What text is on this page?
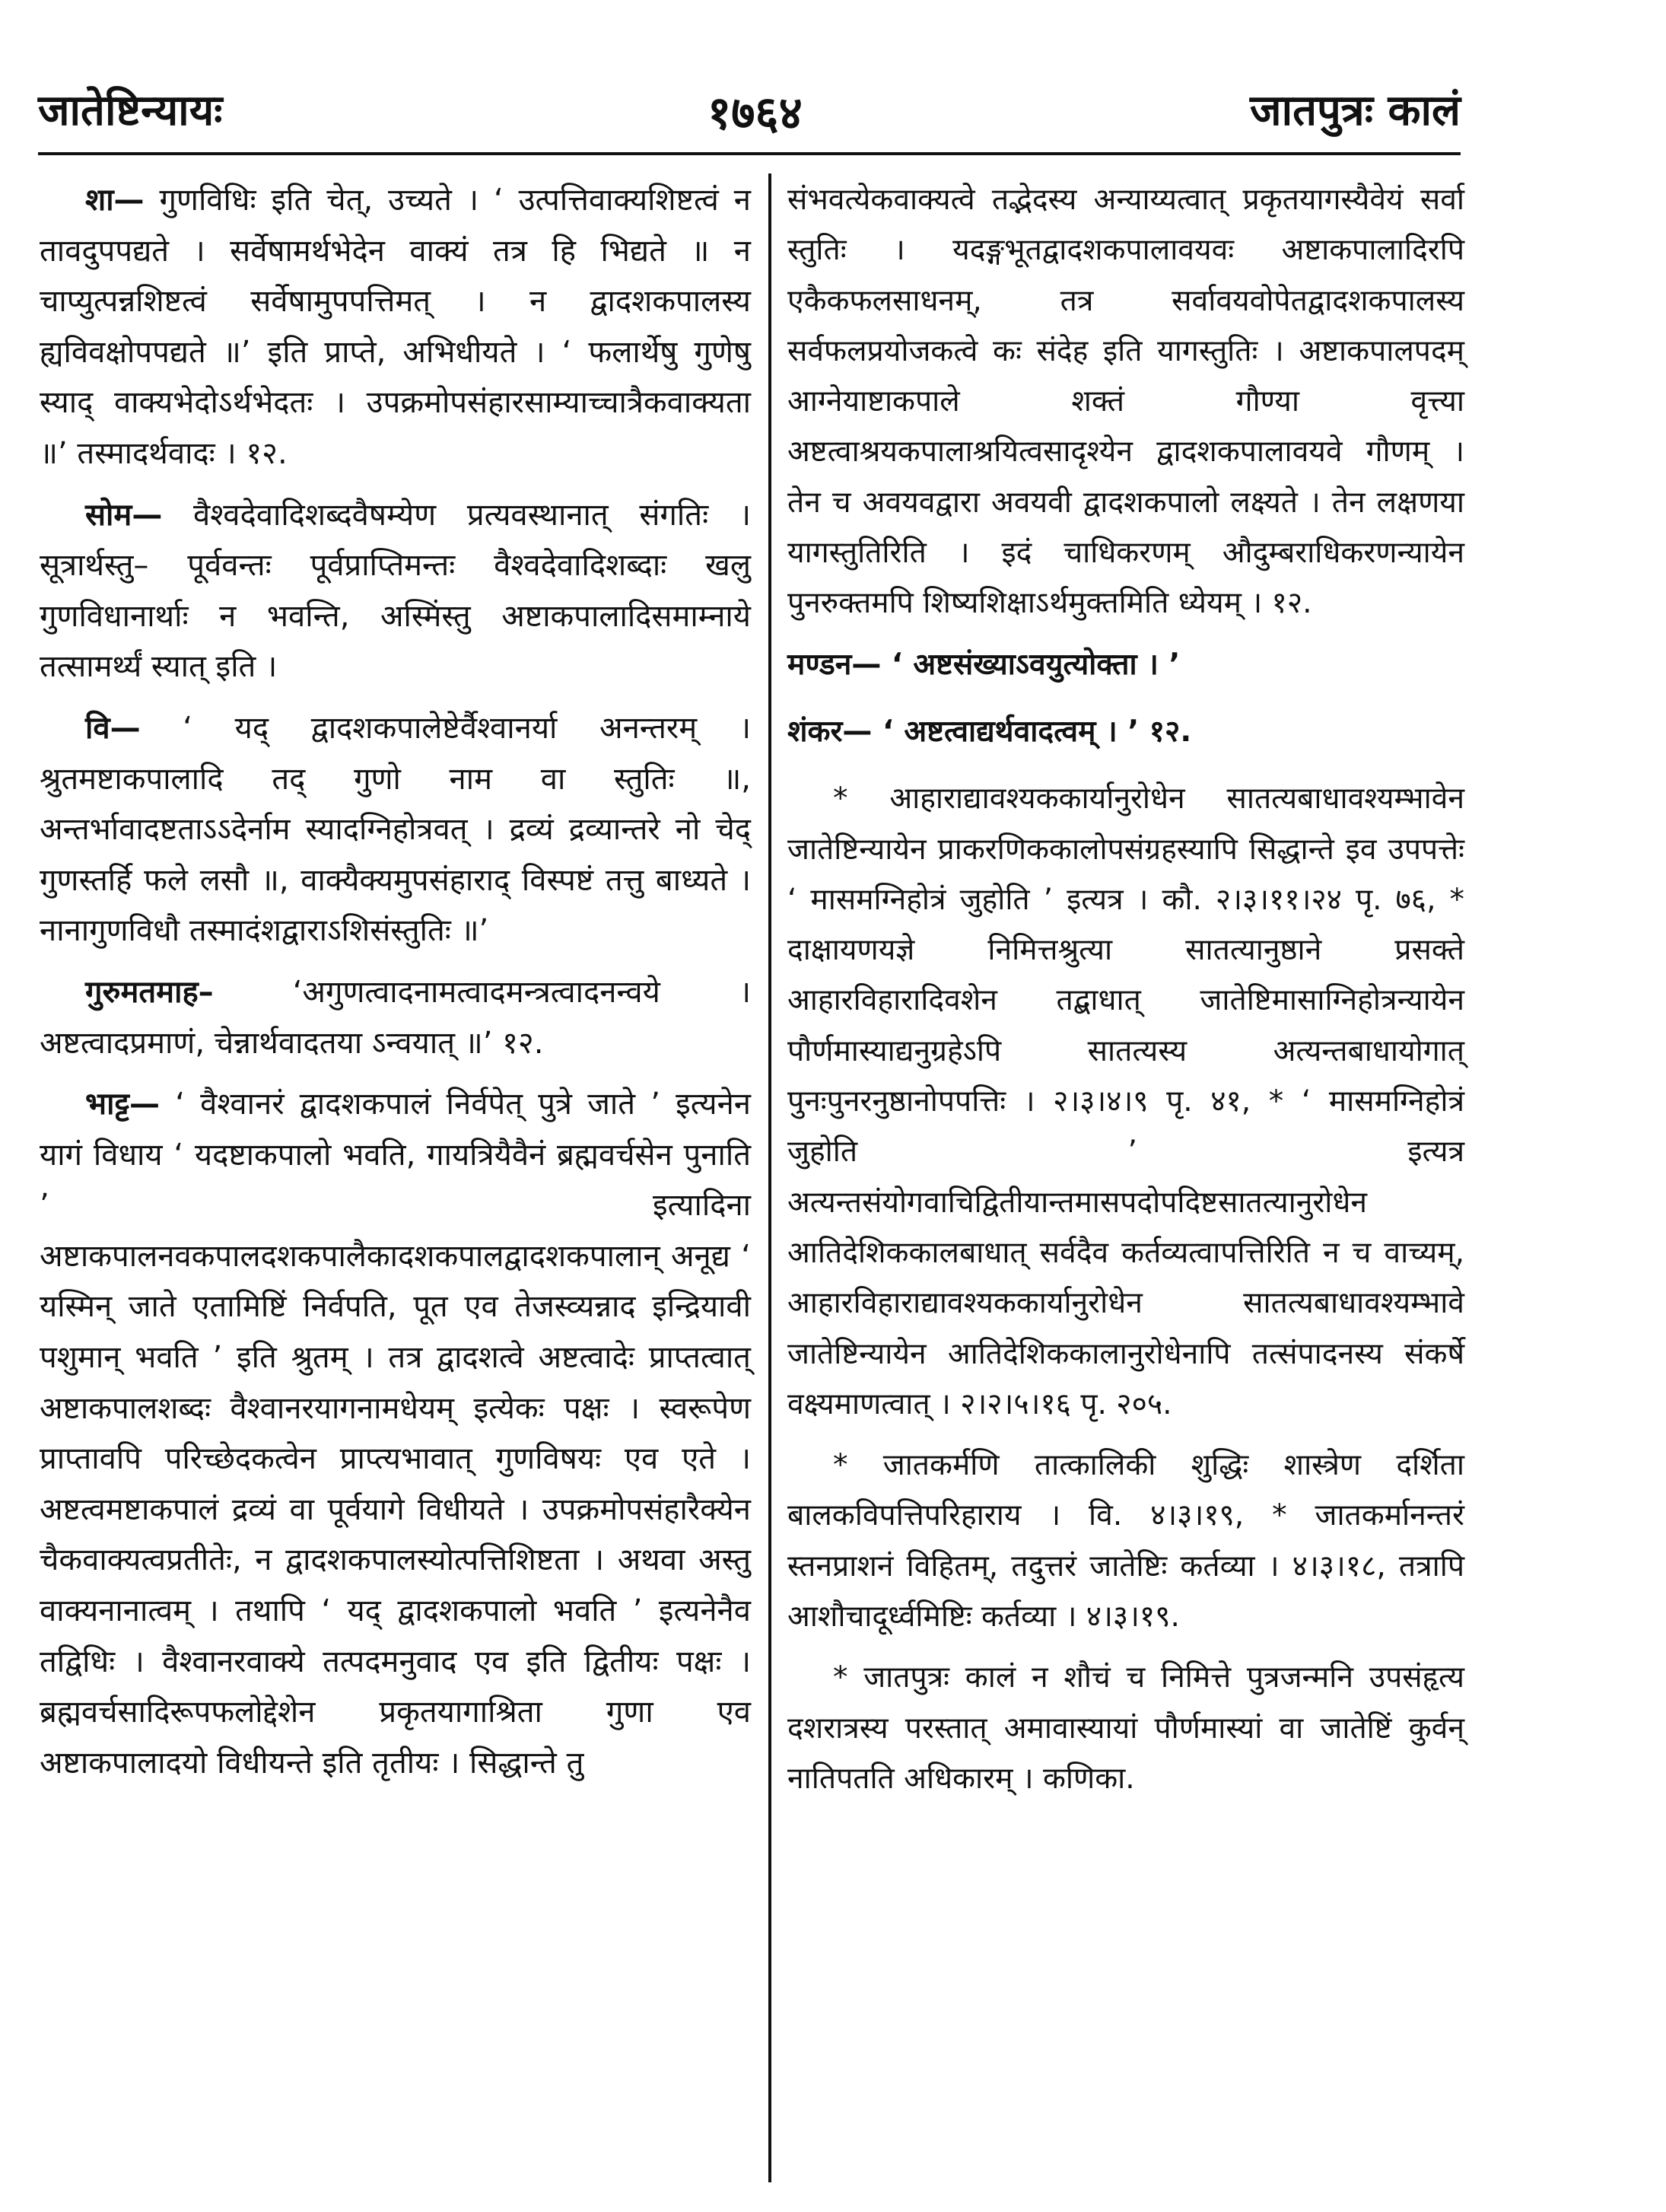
जातेष्टिन्यायः	१७६४	जातपुत्रः कालं

शा— गुणविधिः इति चेत्, उच्यते । ‘ उत्पत्तिवाक्यशिष्टत्वं न तावदुपपद्यते । सर्वेषामर्थभेदेन वाक्यं तत्र हि भिद्यते ॥ न चाप्युत्पन्नशिष्टत्वं सर्वेषामुपपत्तिमत् । न द्वादशकपालस्य ह्यविवक्षोपपद्यते ॥’ इति प्राप्ते, अभिधीयते । ‘ फलार्थेषु गुणेषु स्याद् वाक्यभेदोऽर्थभेदतः । उपक्रमोपसंहारसाम्याच्चात्रैकवाक्यता ॥’ तस्मादर्थवादः । १२.

सोम— वैश्वदेवादिशब्दवैषम्येण प्रत्यवस्थानात् संगतिः । सूत्रार्थस्तु– पूर्ववन्तः पूर्वप्राप्तिमन्तः वैश्वदेवादिशब्दाः खलु गुणविधानार्थाः न भवन्ति, अस्मिंस्तु अष्टाकपालादिसमाम्नाये तत्सामर्थ्यं स्यात् इति ।

वि— ‘ यद् द्वादशकपालेष्टेर्वैश्वानर्या अनन्तरम् । श्रुतमष्टाकपालादि तद् गुणो नाम वा स्तुतिः ॥, अन्तर्भावादष्टताऽऽदेर्नाम स्यादग्निहोत्रवत् । द्रव्यं द्रव्यान्तरे नो चेद् गुणस्तर्हि फले लसौ ॥, वाक्यैक्यमुपसंहाराद् विस्पष्टं तत्तु बाध्यते । नानागुणविधौ तस्मादंशद्वाराऽशिसंस्तुतिः ॥’

गुरुमतमाह– ‘अगुणत्वादनामत्वादमन्त्रत्वादनन्वये । अष्टत्वादप्रमाणं, चेन्नार्थवादतया ऽन्वयात् ॥’ १२.

भाट्ट— ‘ वैश्वानरं द्वादशकपालं निर्वपेत् पुत्रे जाते ’ इत्यनेन यागं विधाय ‘ यदष्टाकपालो भवति, गायत्रियैवैनं ब्रह्मवर्चसेन पुनाति ’ इत्यादिना अष्टाकपालनवकपालदशकपालैकादशकपालद्वादशकपालान् अनूद्य ‘ यस्मिन् जाते एतामिष्टिं निर्वपति, पूत एव तेजस्व्यन्नाद इन्द्रियावी पशुमान् भवति ’ इति श्रुतम् । तत्र द्वादशत्वे अष्टत्वादेः प्राप्तत्वात् अष्टाकपालशब्दः वैश्वानरयागनामधेयम् इत्येकः पक्षः । स्वरूपेण प्राप्तावपि परिच्छेदकत्वेन प्राप्त्यभावात् गुणविषयः एव एते । अष्टत्वमष्टाकपालं द्रव्यं वा पूर्वयागे विधीयते । उपक्रमोपसंहारैक्येन चैकवाक्यत्वप्रतीतेः, न द्वादशकपालस्योत्पत्तिशिष्टता । अथवा अस्तु वाक्यनानात्वम् । तथापि ‘ यद् द्वादशकपालो भवति ’ इत्यनेनैव तद्विधिः । वैश्वानरवाक्ये तत्पदमनुवाद एव इति द्वितीयः पक्षः । ब्रह्मवर्चसादिरूपफलोद्देशेन प्रकृतयागाश्रिता गुणा एव अष्टाकपालादयो विधीयन्ते इति तृतीयः । सिद्धान्ते तु

संभवत्येकवाक्यत्वे तद्भेदस्य अन्याय्यत्वात् प्रकृतयागस्यैवेयं सर्वा स्तुतिः । यदङ्गभूतद्वादशकपालावयवः अष्टाकपालादिरपि एकैकफलसाधनम्, तत्र सर्वावयवोपेतद्वादशकपालस्य सर्वफलप्रयोजकत्वे कः संदेह इति यागस्तुतिः । अष्टाकपालपदम् आग्नेयाष्टाकपाले शक्तं गौण्या वृत्त्या अष्टत्वाश्रयकपालाश्रयित्वसादृश्येन द्वादशकपालावयवे गौणम् । तेन च अवयवद्वारा अवयवी द्वादशकपालो लक्ष्यते । तेन लक्षणया यागस्तुतिरिति । इदं चाधिकरणम् औदुम्बराधिकरणन्यायेन पुनरुक्तमपि शिष्यशिक्षाऽर्थमुक्तमिति ध्येयम् । १२.

मण्डन— ‘ अष्टसंख्याऽवयुत्योक्ता । ’

शंकर— ‘ अष्टत्वाद्यर्थवादत्वम् । ’ १२.

* आहाराद्यावश्यककार्यानुरोधेन सातत्यबाधावश्यम्भावेन जातेष्टिन्यायेन प्राकरणिककालोपसंग्रहस्यापि सिद्धान्ते इव उपपत्तेः ‘ मासमग्निहोत्रं जुहोति ’ इत्यत्र । कौ. २।३।११।२४ पृ. ७६, * दाक्षायणयज्ञे निमित्तश्रुत्या सातत्यानुष्ठाने प्रसक्ते आहारविहारादिवशेन तद्बाधात् जातेष्टिमासाग्निहोत्रन्यायेन पौर्णमास्याद्यनुग्रहेऽपि सातत्यस्य अत्यन्तबाधायोगात् पुनःपुनरनुष्ठानोपपत्तिः । २।३।४।९ पृ. ४१, * ‘ मासमग्निहोत्रं जुहोति ’ इत्यत्र अत्यन्तसंयोगवाचिद्वितीयान्तमासपदोपदिष्टसातत्यानुरोधेन आतिदेशिककालबाधात् सर्वदैव कर्तव्यत्वापत्तिरिति न च वाच्यम्, आहारविहाराद्यावश्यककार्यानुरोधेन सातत्यबाधावश्यम्भावे जातेष्टिन्यायेन आतिदेशिककालानुरोधेनापि तत्संपादनस्य संकर्षे वक्ष्यमाणत्वात् । २।२।५।१६ पृ. २०५.

* जातकर्मणि तात्कालिकी शुद्धिः शास्त्रेण दर्शिता बालकविपत्तिपरिहाराय । वि. ४।३।१९, * जातकर्मानन्तरं स्तनप्राशनं विहितम्, तदुत्तरं जातेष्टिः कर्तव्या । ४।३।१८, तत्रापि आशौचादूर्ध्वमिष्टिः कर्तव्या । ४।३।१९.

* जातपुत्रः कालं न शौचं च निमित्ते पुत्रजन्मनि उपसंहृत्य दशरात्रस्य परस्तात् अमावास्यायां पौर्णमास्यां वा जातेष्टिं कुर्वन् नातिपतति अधिकारम् । कणिका.
